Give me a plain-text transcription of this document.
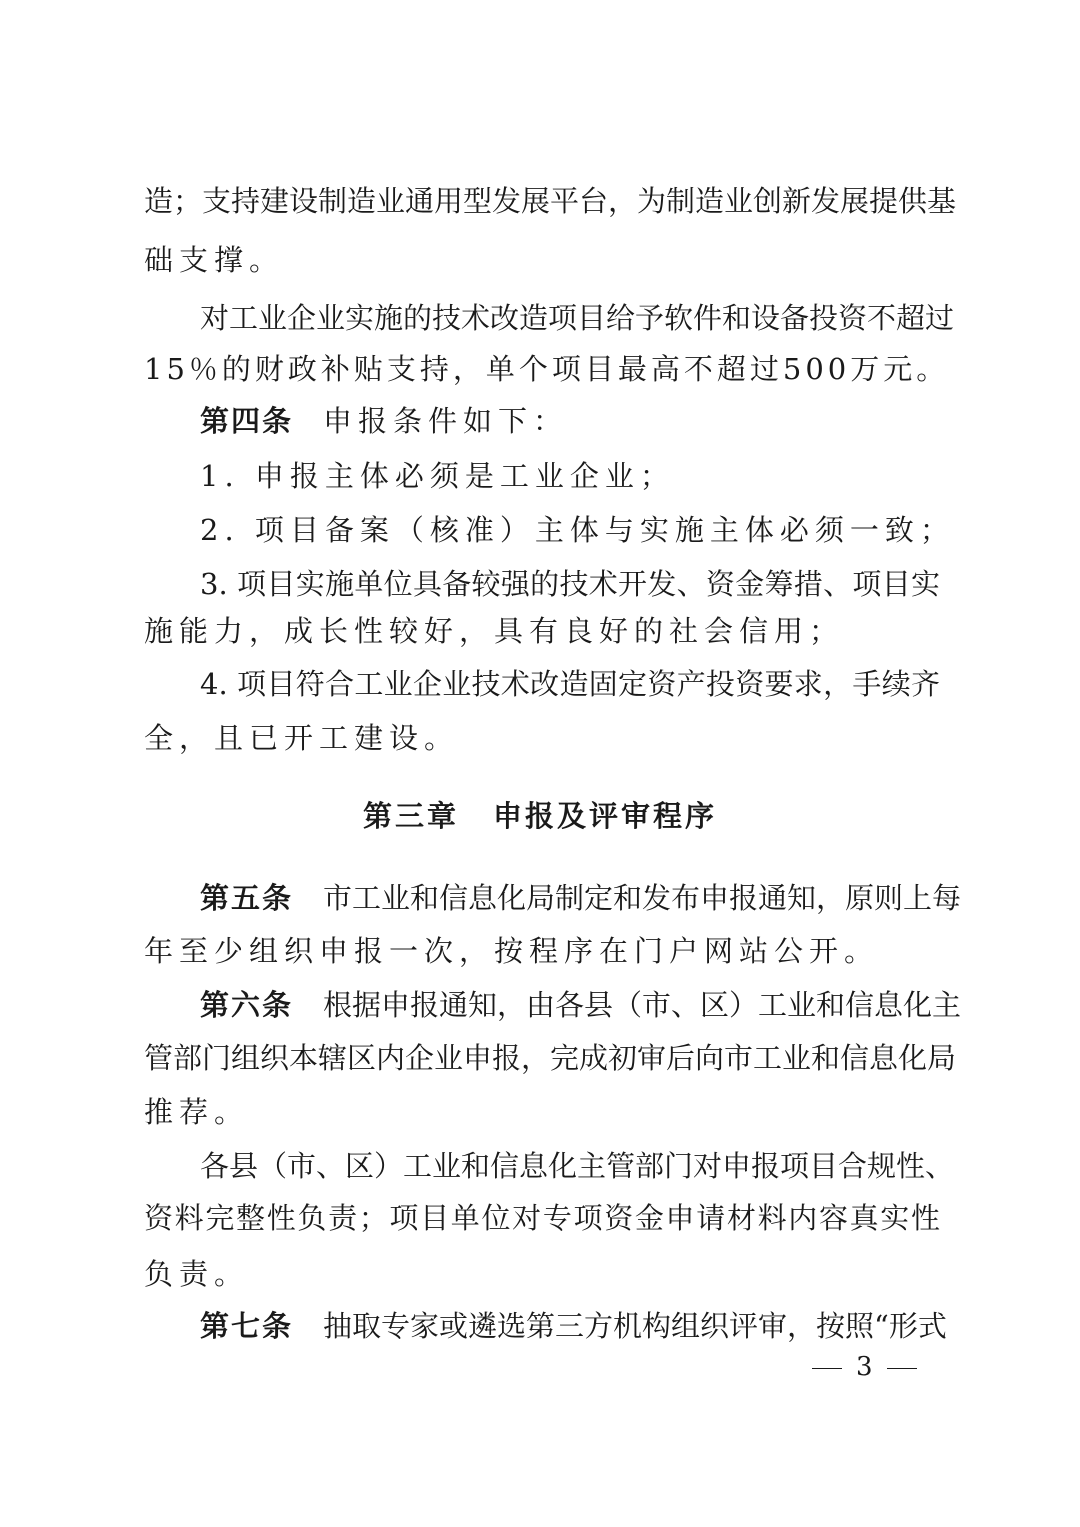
造；支持建设制造业通用型发展平台，为制造业创新发展提供基
础支撑。
对工业企业实施的技术改造项目给予软件和设备投资不超过
15％的财政补贴支持，单个项目最高不超过500万元。
第四条 申报条件如下：
1. 申报主体必须是工业企业；
2. 项目备案（核准）主体与实施主体必须一致；
3. 项目实施单位具备较强的技术开发、资金筹措、项目实
施能力，成长性较好，具有良好的社会信用；
4. 项目符合工业企业技术改造固定资产投资要求，手续齐
全，且已开工建设。
第三章 申报及评审程序
第五条 市工业和信息化局制定和发布申报通知，原则上每
年至少组织申报一次，按程序在门户网站公开。
第六条 根据申报通知，由各县（市、区）工业和信息化主
管部门组织本辖区内企业申报，完成初审后向市工业和信息化局
推荐。
各县（市、区）工业和信息化主管部门对申报项目合规性、
资料完整性负责；项目单位对专项资金申请材料内容真实性
负责。
第七条 抽取专家或遴选第三方机构组织评审，按照“形式
3
